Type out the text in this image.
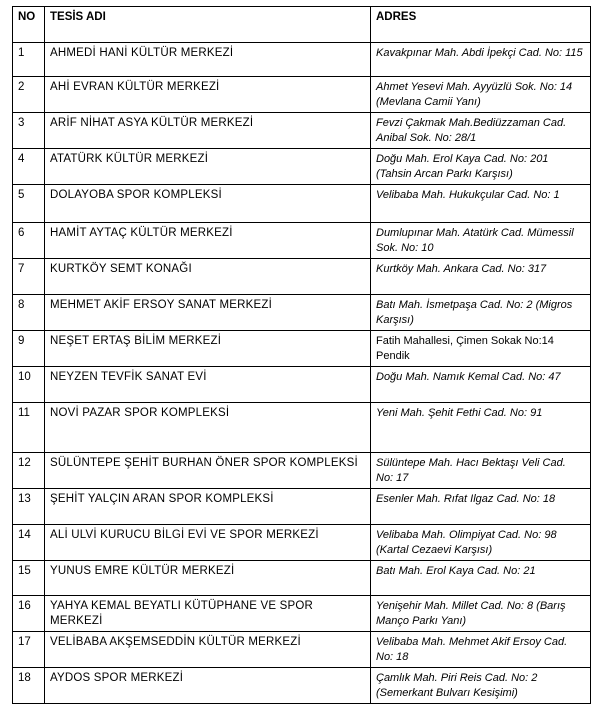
NO	TESİS ADI	ADRES
1	AHMEDİ HANİ KÜLTÜR MERKEZİ	Kavakpınar Mah. Abdi İpekçi Cad. No: 115
2	AHİ EVRAN KÜLTÜR MERKEZİ	Ahmet Yesevi Mah. Ayyüzlü Sok. No: 14 (Mevlana Camii Yanı)
3	ARİF NİHAT ASYA KÜLTÜR MERKEZİ	Fevzi Çakmak Mah.Bediüzzaman Cad. Anibal Sok. No: 28/1
4	ATATÜRK KÜLTÜR MERKEZİ	Doğu Mah. Erol Kaya Cad. No: 201 (Tahsin Arcan Parkı Karşısı)
5	DOLAYOBA SPOR KOMPLEKSİ	Velibaba Mah. Hukukçular Cad. No: 1
6	HAMİT AYTAÇ KÜLTÜR MERKEZİ	Dumlupınar Mah. Atatürk Cad. Mümessil Sok. No: 10
7	KURTKÖY SEMT KONAĞI	Kurtköy Mah. Ankara Cad. No: 317
8	MEHMET AKİF ERSOY SANAT MERKEZİ	Batı Mah. İsmetpaşa Cad. No: 2 (Migros Karşısı)
9	NEŞET ERTAŞ BİLİM MERKEZİ	Fatih Mahallesi, Çimen Sokak No:14 Pendik
10	NEYZEN TEVFİK SANAT EVİ	Doğu Mah. Namık Kemal Cad. No: 47
11	NOVİ PAZAR SPOR KOMPLEKSİ	Yeni Mah. Şehit Fethi Cad. No: 91
12	SÜLÜNTEPE ŞEHİT BURHAN ÖNER SPOR KOMPLEKSİ	Sülüntepe Mah. Hacı Bektaşı Veli Cad. No: 17
13	ŞEHİT YALÇIN ARAN SPOR KOMPLEKSİ	Esenler Mah. Rıfat Ilgaz Cad. No: 18
14	ALİ ULVİ KURUCU BİLGİ EVİ VE SPOR MERKEZİ	Velibaba Mah. Olimpiyat Cad. No: 98 (Kartal Cezaevi Karşısı)
15	YUNUS EMRE KÜLTÜR MERKEZİ	Batı Mah. Erol Kaya Cad. No: 21
16	YAHYA KEMAL BEYATLI KÜTÜPHANE VE SPOR MERKEZİ	Yenişehir Mah. Millet Cad. No: 8 (Barış Manço Parkı Yanı)
17	VELİBABA AKŞEMSEDDİN KÜLTÜR MERKEZİ	Velibaba Mah. Mehmet Akif Ersoy Cad. No: 18
18	AYDOS SPOR MERKEZİ	Çamlık Mah. Piri Reis Cad. No: 2 (Semerkant Bulvarı Kesişimi)
